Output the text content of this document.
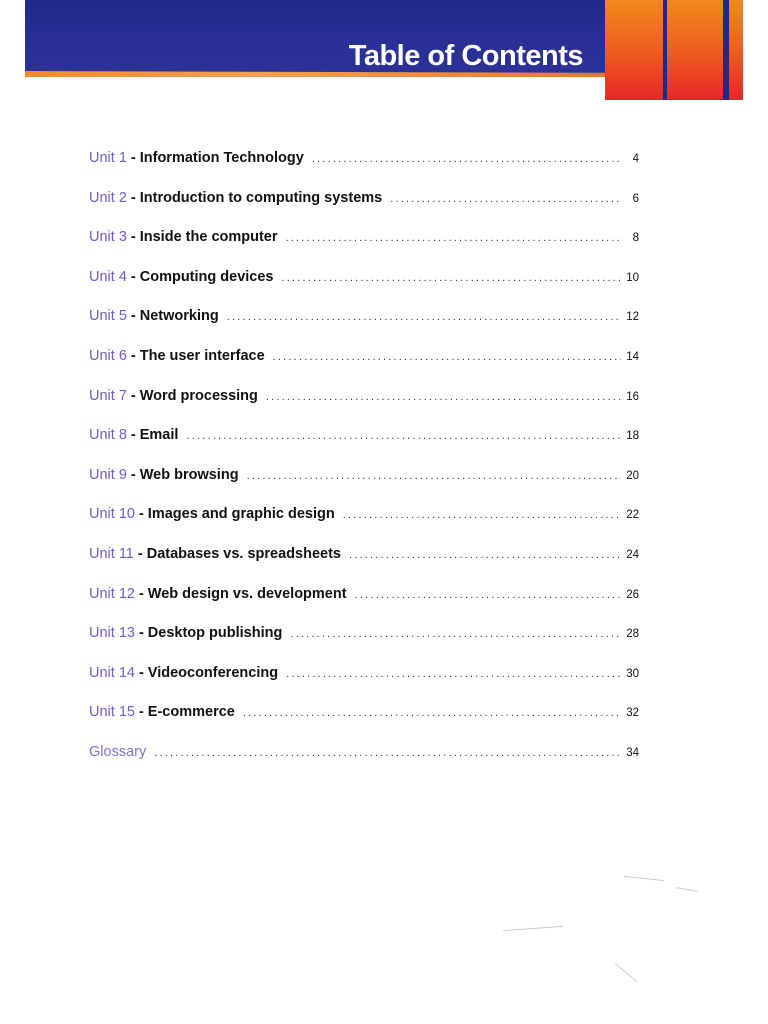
Table of Contents
Unit 1 - Information Technology .....	4
Unit 2 - Introduction to computing systems .....	6
Unit 3 - Inside the computer .....	8
Unit 4 - Computing devices .....	10
Unit 5 - Networking .....	12
Unit 6 - The user interface .....	14
Unit 7 - Word processing .....	16
Unit 8 - Email .....	18
Unit 9 - Web browsing .....	20
Unit 10 - Images and graphic design .....	22
Unit 11 - Databases vs. spreadsheets .....	24
Unit 12 - Web design vs. development .....	26
Unit 13 - Desktop publishing .....	28
Unit 14 - Videoconferencing .....	30
Unit 15 - E-commerce .....	32
Glossary .....	34
